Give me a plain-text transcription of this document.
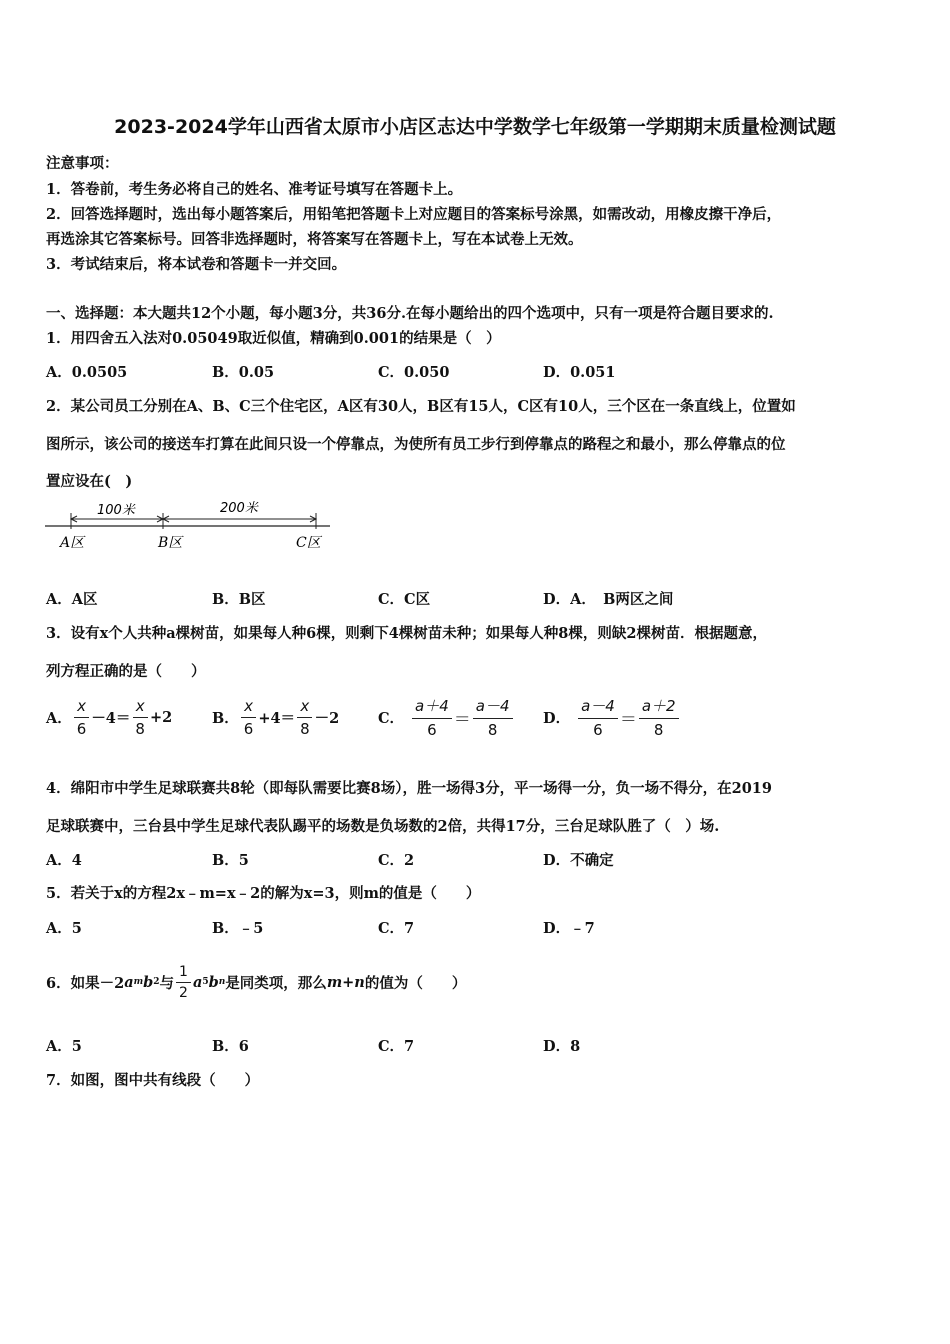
2023-2024学年山西省太原市小店区志达中学数学七年级第一学期期末质量检测试题
注意事项：
1．答卷前，考生务必将自己的姓名、准考证号填写在答题卡上。
2．回答选择题时，选出每小题答案后，用铅笔把答题卡上对应题目的答案标号涂黑，如需改动，用橡皮擦干净后，
再选涂其它答案标号。回答非选择题时，将答案写在答题卡上，写在本试卷上无效。
3．考试结束后，将本试卷和答题卡一并交回。
一、选择题：本大题共12个小题，每小题3分，共36分.在每小题给出的四个选项中，只有一项是符合题目要求的.
1．用四舍五入法对0.05049取近似值，精确到0.001的结果是（　）
A．0.0505	B．0.05	C．0.050	D．0.051
2．某公司员工分别在A、B、C三个住宅区，A区有30人，B区有15人，C区有10人，三个区在一条直线上，位置如
图所示，该公司的接送车打算在此间只设一个停靠点，为使所有员工步行到停靠点的路程之和最小，那么停靠点的位
置应设在(　)
100米	200米
A区	B区	C区
A．A区	B．B区	C．C区	D．A．　B两区之间
3．设有x个人共种a棵树苗，如果每人种6棵，则剩下4棵树苗未种；如果每人种8棵，则缺2棵树苗．根据题意，
列方程正确的是（　　）
A． $\frac{x}{6} -4= \frac{x}{8} +2$	B． $\frac{x}{6} +4= \frac{x}{8} -2$	C． $\frac{a+4}{6} = \frac{a-4}{8}$ D． $\frac{a-4}{6} = \frac{a+2}{8}$
4．绵阳市中学生足球联赛共8轮（即每队需要比赛8场），胜一场得3分，平一场得一分，负一场不得分，在2019
足球联赛中，三台县中学生足球代表队踢平的场数是负场数的2倍，共得17分，三台足球队胜了（　）场.
A．4	B．5	C．2	D．不确定
5．若关于x的方程2x﹣m=x﹣2的解为x=3，则m的值是（　　）
A．5	B．﹣5	C．7	D．﹣7
6．如果－2 a m b 2 与 $\frac{1}{2}$ a 5 b n 是同类项，那么 m+n 的值为（　　）
A．5	B．6	C．7	D．8
7．如图，图中共有线段（　　）
